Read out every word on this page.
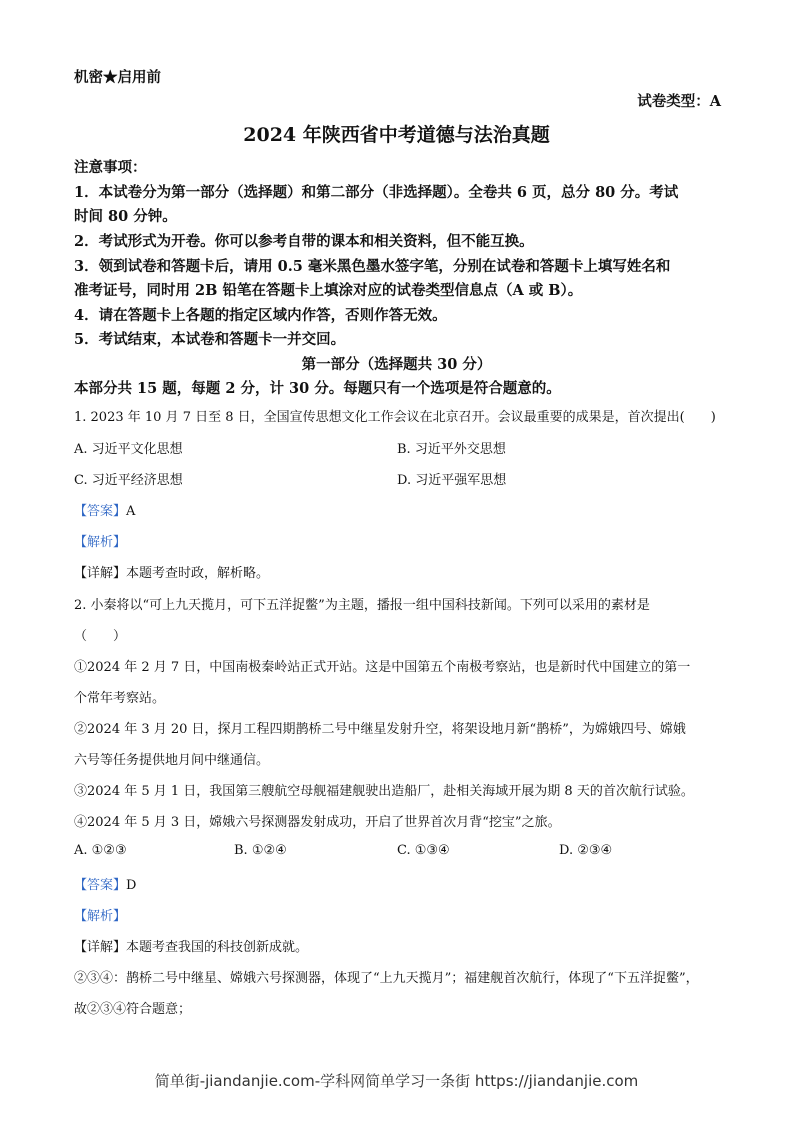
机密★启用前
试卷类型：A
2024 年陕西省中考道德与法治真题
注意事项：
1．本试卷分为第一部分（选择题）和第二部分（非选择题）。全卷共 6 页，总分 80 分。考试
时间 80 分钟。
2．考试形式为开卷。你可以参考自带的课本和相关资料，但不能互换。
3．领到试卷和答题卡后，请用 0.5 毫米黑色墨水签字笔，分别在试卷和答题卡上填写姓名和
准考证号，同时用 2B 铅笔在答题卡上填涂对应的试卷类型信息点（A 或 B）。
4．请在答题卡上各题的指定区域内作答，否则作答无效。
5．考试结束，本试卷和答题卡一并交回。
第一部分（选择题共 30 分）
本部分共 15 题，每题 2 分，计 30 分。每题只有一个选项是符合题意的。
1. 2023 年 10 月 7 日至 8 日，全国宣传思想文化工作会议在北京召开。会议最重要的成果是，首次提出(　　)
A. 习近平文化思想	B. 习近平外交思想
C. 习近平经济思想	D. 习近平强军思想
【答案】A
【解析】
【详解】本题考查时政，解析略。
2. 小秦将以“可上九天揽月，可下五洋捉鳖”为主题，播报一组中国科技新闻。下列可以采用的素材是
（　　）
①2024 年 2 月 7 日，中国南极秦岭站正式开站。这是中国第五个南极考察站，也是新时代中国建立的第一
个常年考察站。
②2024 年 3 月 20 日，探月工程四期鹊桥二号中继星发射升空，将架设地月新“鹊桥”，为嫦娥四号、嫦娥
六号等任务提供地月间中继通信。
③2024 年 5 月 1 日，我国第三艘航空母舰福建舰驶出造船厂，赴相关海域开展为期 8 天的首次航行试验。
④2024 年 5 月 3 日，嫦娥六号探测器发射成功，开启了世界首次月背“挖宝”之旅。
A. ①②③	B. ①②④	C. ①③④	D. ②③④
【答案】D
【解析】
【详解】本题考查我国的科技创新成就。
②③④：鹊桥二号中继星、嫦娥六号探测器，体现了“上九天揽月”；福建舰首次航行，体现了“下五洋捉鳖”，
故②③④符合题意；
简单街-jiandanjie.com-学科网简单学习一条街 https://jiandanjie.com
